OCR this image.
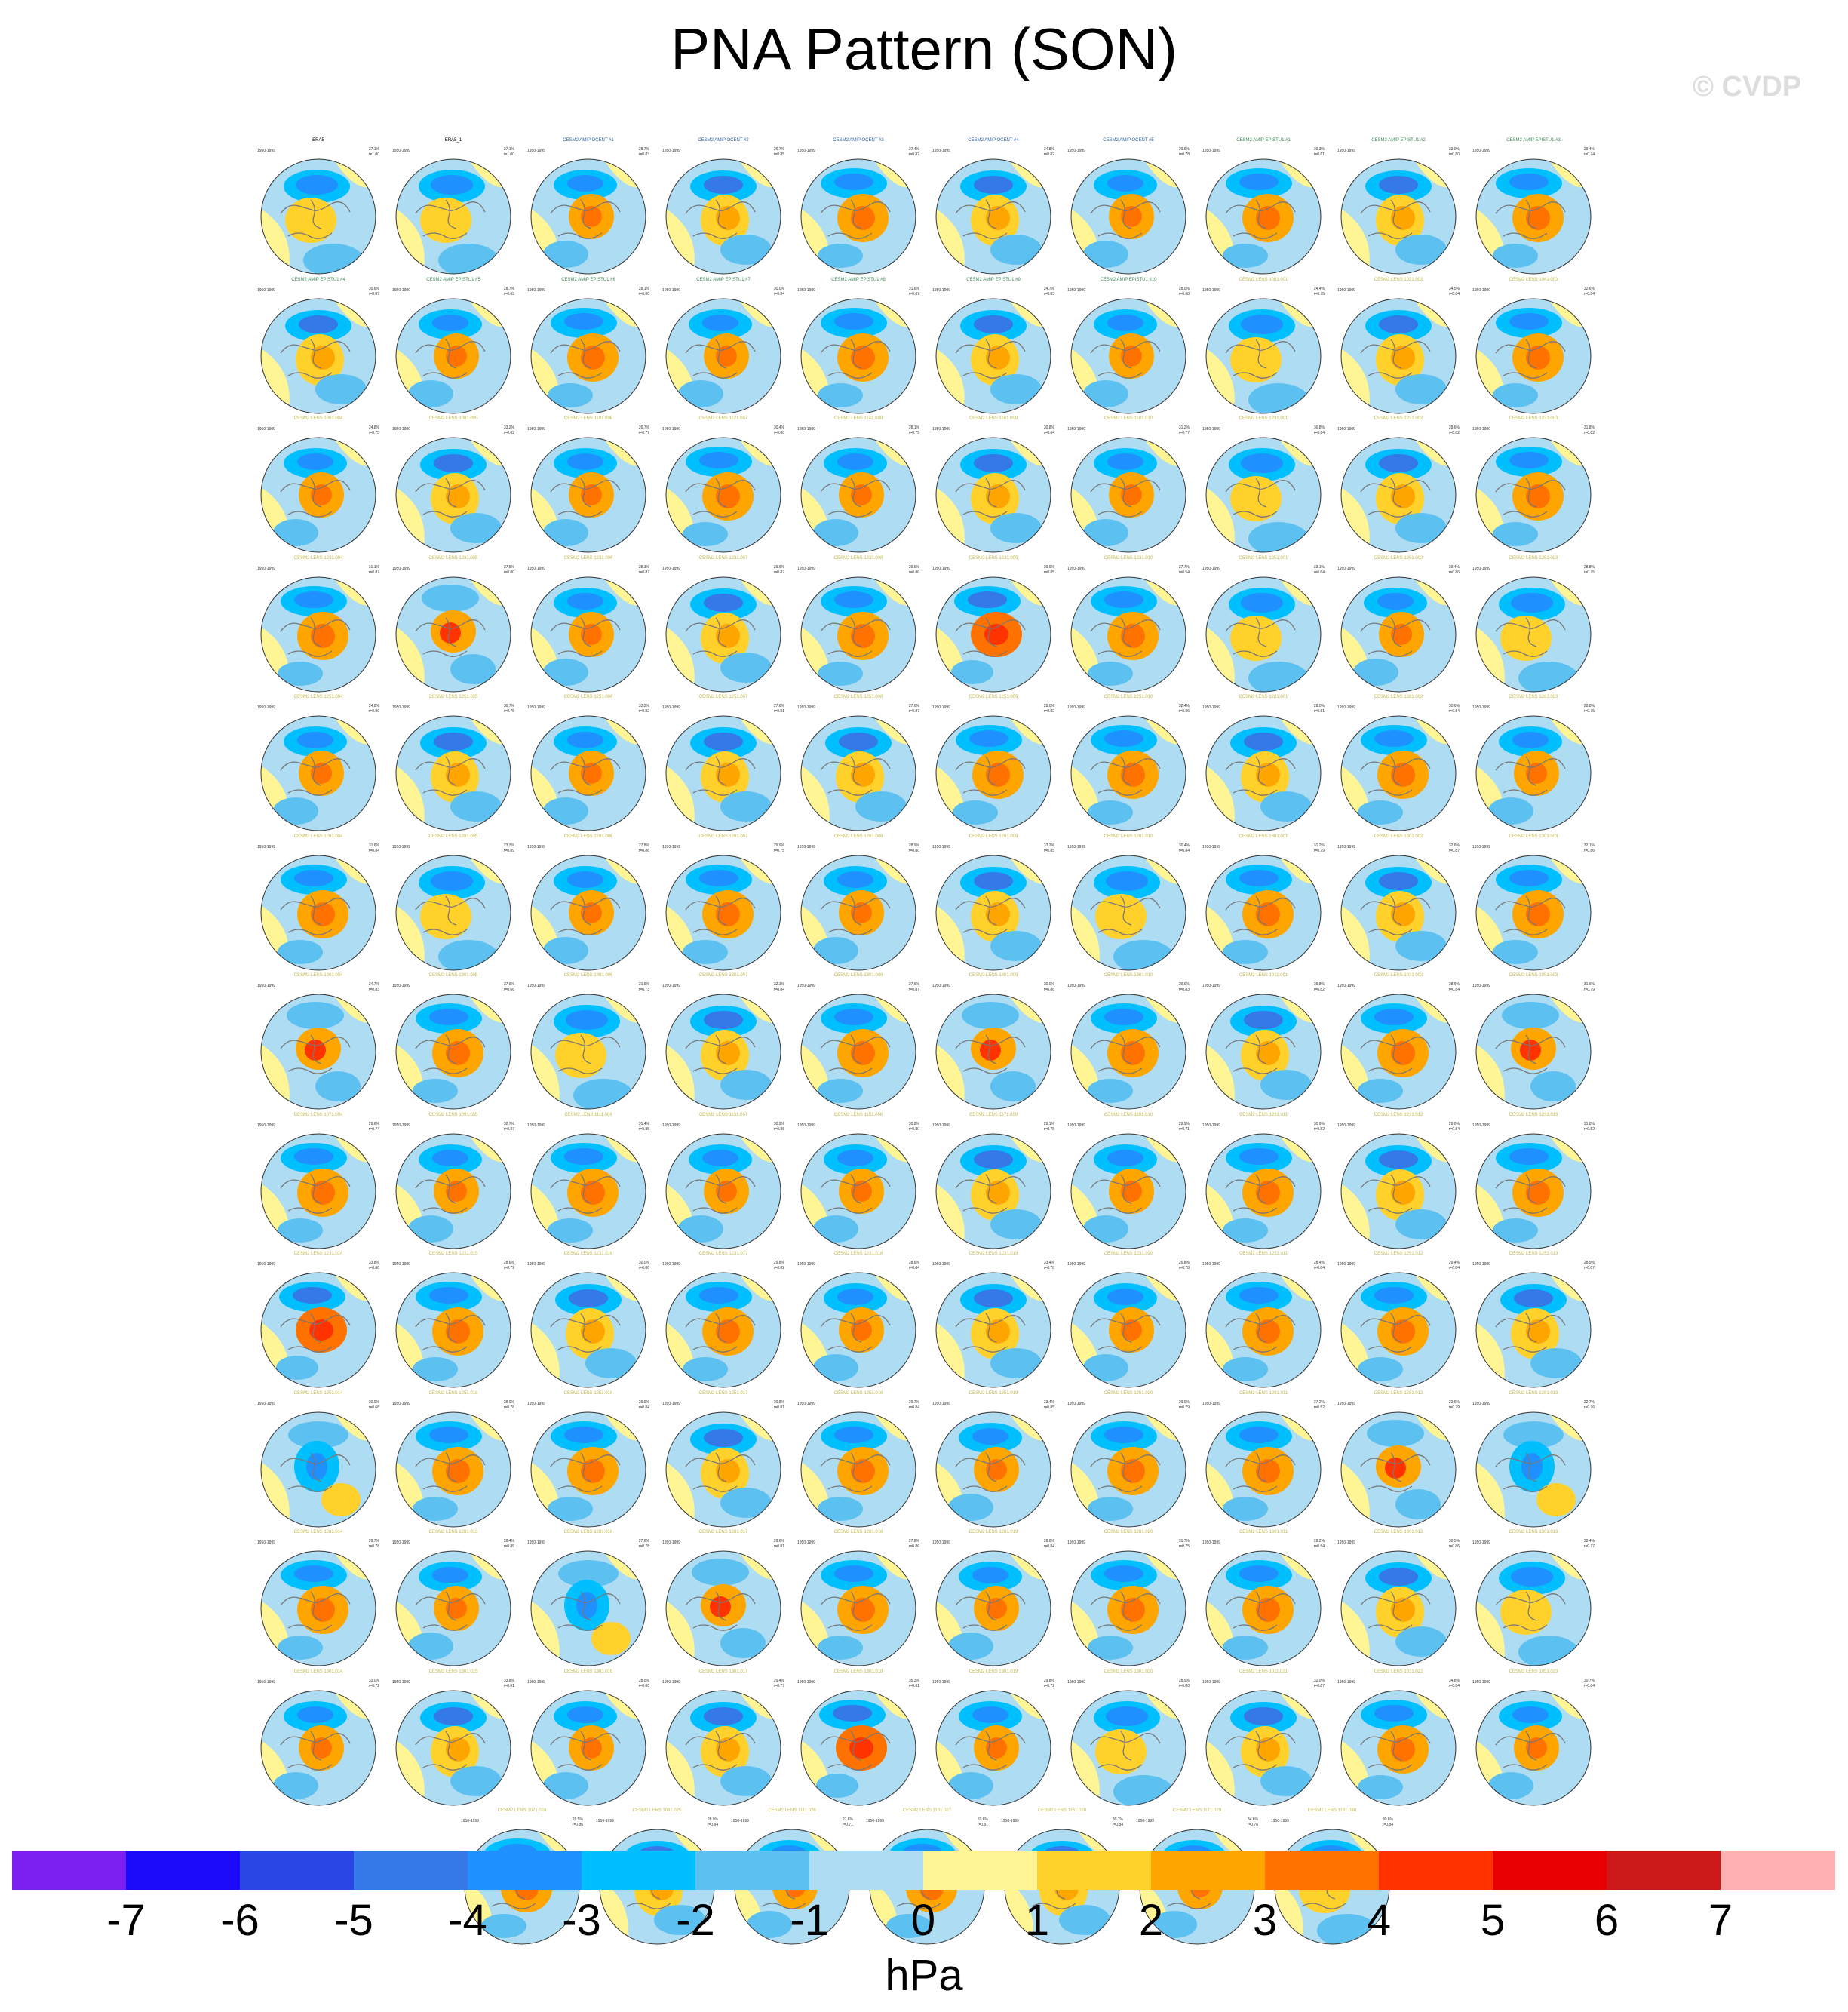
PNA Pattern (SON)
© CVDP
ERA5
1950-1999	37.1%
r=1.00
ERA5_1
1950-1999	37.1%
r=1.00
CESM2 AMIP OCENT #1
1950-1999	28.7%
r=0.83
CESM2 AMIP OCENT #2
1950-1999	26.7%
r=0.85
CESM2 AMIP OCENT #3
1950-1999	27.4%
r=0.82
CESM2 AMIP OCENT #4
1950-1999	34.8%
r=0.82
CESM2 AMIP OCENT #5
1950-1999	29.6%
r=0.78
CESM2 AMIP EPISTU1 #1
1950-1999	30.3%
r=0.81
CESM2 AMIP EPISTU1 #2
1950-1999	33.0%
r=0.80
CESM2 AMIP EPISTU1 #3
1950-1999	29.4%
r=0.74
CESM2 AMIP EPISTU1 #4
1950-1999	30.6%
r=0.87
CESM2 AMIP EPISTU1 #5
1950-1999	28.7%
r=0.83
CESM2 AMIP EPISTU1 #6
1950-1999	28.1%
r=0.80
CESM2 AMIP EPISTU1 #7
1950-1999	30.0%
r=0.84
CESM2 AMIP EPISTU1 #8
1950-1999	31.6%
r=0.87
CESM2 AMIP EPISTU1 #9
1950-1999	24.7%
r=0.83
CESM2 AMIP EPISTU1 #10
1950-1999	28.0%
r=0.68
CESM2 LENS 1001.001
1950-1999	24.4%
r=0.75
CESM2 LENS 1021.002
1950-1999	34.5%
r=0.84
CESM2 LENS 1041.003
1950-1999	32.6%
r=0.84
CESM2 LENS 1061.004
1950-1999	24.8%
r=0.75
CESM2 LENS 1081.005
1950-1999	33.2%
r=0.82
CESM2 LENS 1101.006
1950-1999	26.7%
r=0.77
CESM2 LENS 1121.007
1950-1999	30.4%
r=0.80
CESM2 LENS 1141.008
1950-1999	28.1%
r=0.75
CESM2 LENS 1161.009
1950-1999	30.8%
r=0.64
CESM2 LENS 1181.010
1950-1999	31.2%
r=0.77
CESM2 LENS 1231.001
1950-1999	30.8%
r=0.84
CESM2 LENS 1231.002
1950-1999	28.6%
r=0.82
CESM2 LENS 1231.003
1950-1999	31.8%
r=0.82
CESM2 LENS 1231.004
1950-1999	31.1%
r=0.87
CESM2 LENS 1231.005
1950-1999	37.5%
r=0.80
CESM2 LENS 1231.006
1950-1999	28.3%
r=0.87
CESM2 LENS 1231.007
1950-1999	29.6%
r=0.82
CESM2 LENS 1231.008
1950-1999	29.6%
r=0.86
CESM2 LENS 1231.009
1950-1999	39.6%
r=0.85
CESM2 LENS 1231.010
1950-1999	27.7%
r=0.54
CESM2 LENS 1251.001
1950-1999	33.1%
r=0.84
CESM2 LENS 1251.002
1950-1999	39.4%
r=0.86
CESM2 LENS 1251.003
1950-1999	28.8%
r=0.75
CESM2 LENS 1251.004
1950-1999	24.8%
r=0.80
CESM2 LENS 1251.005
1950-1999	30.7%
r=0.75
CESM2 LENS 1251.006
1950-1999	33.2%
r=0.82
CESM2 LENS 1251.007
1950-1999	27.6%
r=0.81
CESM2 LENS 1251.008
1950-1999	27.6%
r=0.87
CESM2 LENS 1251.009
1950-1999	28.0%
r=0.82
CESM2 LENS 1251.010
1950-1999	32.4%
r=0.86
CESM2 LENS 1281.001
1950-1999	28.0%
r=0.81
CESM2 LENS 1281.002
1950-1999	30.6%
r=0.84
CESM2 LENS 1281.003
1950-1999	28.8%
r=0.75
CESM2 LENS 1281.004
1950-1999	31.6%
r=0.84
CESM2 LENS 1281.005
1950-1999	23.3%
r=0.89
CESM2 LENS 1281.006
1950-1999	27.8%
r=0.86
CESM2 LENS 1281.007
1950-1999	29.9%
r=0.75
CESM2 LENS 1281.008
1950-1999	28.9%
r=0.80
CESM2 LENS 1281.009
1950-1999	33.2%
r=0.85
CESM2 LENS 1281.010
1950-1999	30.4%
r=0.84
CESM2 LENS 1301.001
1950-1999	31.2%
r=0.79
CESM2 LENS 1301.002
1950-1999	32.6%
r=0.87
CESM2 LENS 1301.003
1950-1999	32.1%
r=0.86
CESM2 LENS 1301.004
1950-1999	34.7%
r=0.83
CESM2 LENS 1301.005
1950-1999	27.6%
r=0.66
CESM2 LENS 1301.006
1950-1999	21.6%
r=0.73
CESM2 LENS 1301.007
1950-1999	32.1%
r=0.84
CESM2 LENS 1301.008
1950-1999	27.6%
r=0.87
CESM2 LENS 1301.009
1950-1999	30.0%
r=0.86
CESM2 LENS 1301.010
1950-1999	29.9%
r=0.83
CESM2 LENS 1011.001
1950-1999	29.8%
r=0.82
CESM2 LENS 1031.002
1950-1999	28.6%
r=0.84
CESM2 LENS 1051.003
1950-1999	31.6%
r=0.79
CESM2 LENS 1071.004
1950-1999	29.6%
r=0.74
CESM2 LENS 1091.005
1950-1999	32.7%
r=0.87
CESM2 LENS 1111.006
1950-1999	31.4%
r=0.85
CESM2 LENS 1131.007
1950-1999	30.9%
r=0.88
CESM2 LENS 1151.008
1950-1999	30.2%
r=0.80
CESM2 LENS 1171.009
1950-1999	29.1%
r=0.78
CESM2 LENS 1191.010
1950-1999	29.9%
r=0.71
CESM2 LENS 1231.011
1950-1999	30.9%
r=0.82
CESM2 LENS 1231.012
1950-1999	29.0%
r=0.84
CESM2 LENS 1231.013
1950-1999	31.8%
r=0.82
CESM2 LENS 1231.014
1950-1999	33.8%
r=0.86
CESM2 LENS 1231.015
1950-1999	28.6%
r=0.79
CESM2 LENS 1231.016
1950-1999	30.0%
r=0.86
CESM2 LENS 1231.017
1950-1999	29.8%
r=0.82
CESM2 LENS 1231.018
1950-1999	28.6%
r=0.84
CESM2 LENS 1231.019
1950-1999	33.4%
r=0.78
CESM2 LENS 1231.020
1950-1999	26.8%
r=0.78
CESM2 LENS 1251.011
1950-1999	28.4%
r=0.84
CESM2 LENS 1251.012
1950-1999	29.4%
r=0.84
CESM2 LENS 1251.013
1950-1999	28.9%
r=0.87
CESM2 LENS 1251.014
1950-1999	30.9%
r=0.66
CESM2 LENS 1251.015
1950-1999	28.9%
r=0.78
CESM2 LENS 1251.016
1950-1999	29.9%
r=0.84
CESM2 LENS 1251.017
1950-1999	30.8%
r=0.81
CESM2 LENS 1251.018
1950-1999	29.7%
r=0.84
CESM2 LENS 1251.019
1950-1999	33.4%
r=0.85
CESM2 LENS 1251.020
1950-1999	29.6%
r=0.79
CESM2 LENS 1281.011
1950-1999	27.2%
r=0.82
CESM2 LENS 1281.012
1950-1999	23.6%
r=0.79
CESM2 LENS 1281.013
1950-1999	22.7%
r=0.76
CESM2 LENS 1281.014
1950-1999	29.7%
r=0.78
CESM2 LENS 1281.015
1950-1999	28.4%
r=0.85
CESM2 LENS 1281.016
1950-1999	27.6%
r=0.78
CESM2 LENS 1281.017
1950-1999	29.6%
r=0.81
CESM2 LENS 1281.018
1950-1999	27.8%
r=0.86
CESM2 LENS 1281.019
1950-1999	28.6%
r=0.84
CESM2 LENS 1281.020
1950-1999	31.7%
r=0.75
CESM2 LENS 1301.011
1950-1999	28.2%
r=0.84
CESM2 LENS 1301.012
1950-1999	30.5%
r=0.86
CESM2 LENS 1301.013
1950-1999	30.4%
r=0.77
CESM2 LENS 1301.014
1950-1999	33.0%
r=0.72
CESM2 LENS 1301.015
1950-1999	33.8%
r=0.81
CESM2 LENS 1301.016
1950-1999	28.5%
r=0.80
CESM2 LENS 1301.017
1950-1999	29.4%
r=0.77
CESM2 LENS 1301.018
1950-1999	35.3%
r=0.81
CESM2 LENS 1301.019
1950-1999	29.8%
r=0.72
CESM2 LENS 1301.020
1950-1999	28.9%
r=0.80
CESM2 LENS 1011.021
1950-1999	32.0%
r=0.87
CESM2 LENS 1031.022
1950-1999	34.8%
r=0.84
CESM2 LENS 1051.023
1950-1999	30.7%
r=0.84
CESM2 LENS 1071.024
1950-1999	29.5%
r=0.86
CESM2 LENS 1091.025
1950-1999	28.9%
r=0.84
CESM2 LENS 1111.026
1950-1999	27.6%
r=0.71
CESM2 LENS 1131.027
1950-1999	33.6%
r=0.81
CESM2 LENS 1151.028
1950-1999	30.7%
r=0.84
CESM2 LENS 1171.029
1950-1999	34.6%
r=0.76
CESM2 LENS 1191.030
1950-1999	30.6%
r=0.84
-7	-6	-5	-4	-3	-2	-1	0	1	2	3	4	5	6	7
hPa
